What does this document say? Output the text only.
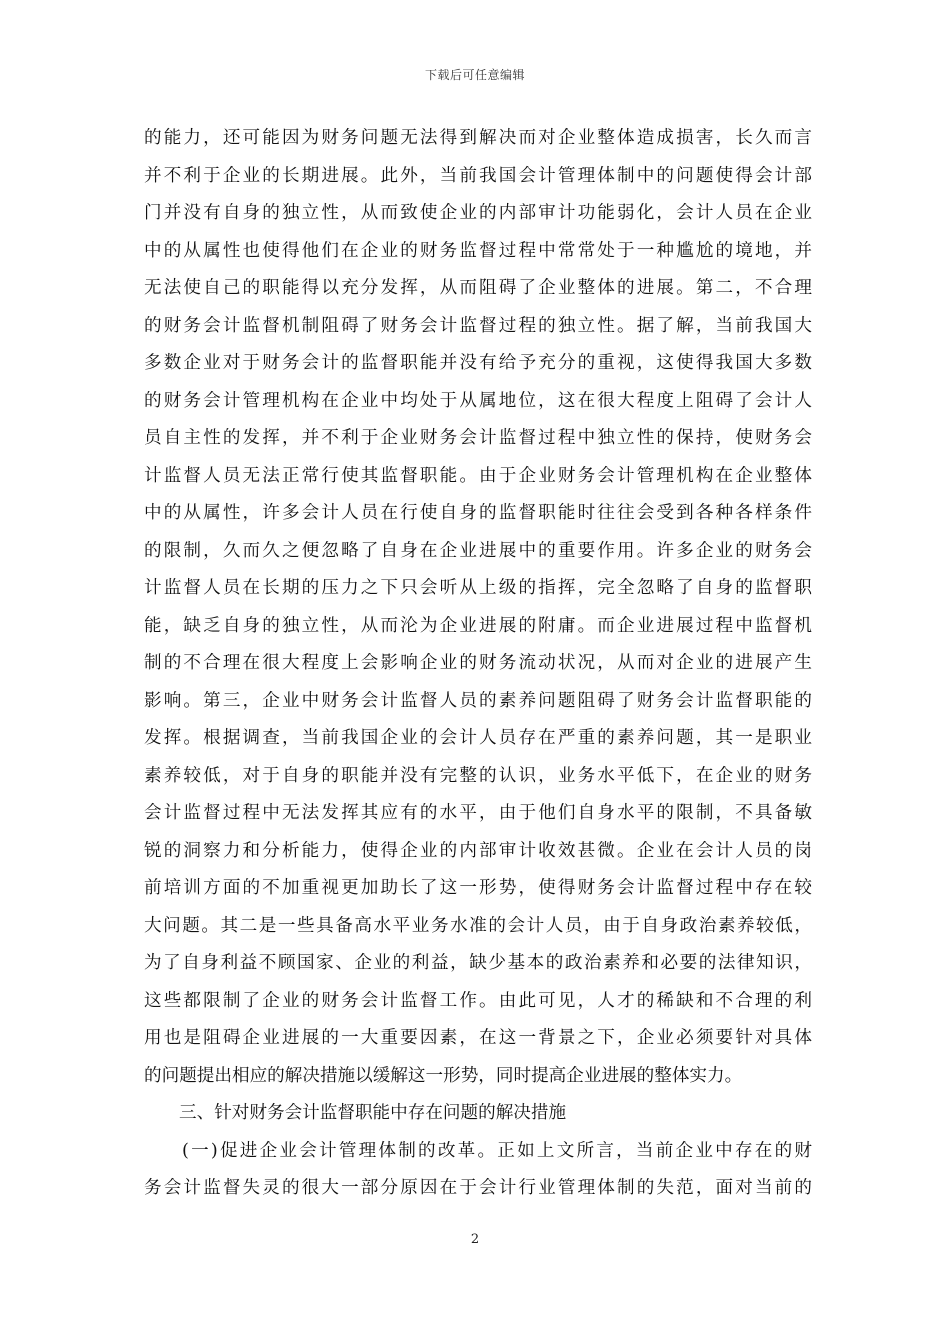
下载后可任意编辑
的能力，还可能因为财务问题无法得到解决而对企业整体造成损害，长久而言
并不利于企业的长期进展。此外，当前我国会计管理体制中的问题使得会计部
门并没有自身的独立性，从而致使企业的内部审计功能弱化，会计人员在企业
中的从属性也使得他们在企业的财务监督过程中常常处于一种尴尬的境地，并
无法使自己的职能得以充分发挥，从而阻碍了企业整体的进展。第二，不合理
的财务会计监督机制阻碍了财务会计监督过程的独立性。据了解，当前我国大
多数企业对于财务会计的监督职能并没有给予充分的重视，这使得我国大多数
的财务会计管理机构在企业中均处于从属地位，这在很大程度上阻碍了会计人
员自主性的发挥，并不利于企业财务会计监督过程中独立性的保持，使财务会
计监督人员无法正常行使其监督职能。由于企业财务会计管理机构在企业整体
中的从属性，许多会计人员在行使自身的监督职能时往往会受到各种各样条件
的限制，久而久之便忽略了自身在企业进展中的重要作用。许多企业的财务会
计监督人员在长期的压力之下只会听从上级的指挥，完全忽略了自身的监督职
能，缺乏自身的独立性，从而沦为企业进展的附庸。而企业进展过程中监督机
制的不合理在很大程度上会影响企业的财务流动状况，从而对企业的进展产生
影响。第三，企业中财务会计监督人员的素养问题阻碍了财务会计监督职能的
发挥。根据调查，当前我国企业的会计人员存在严重的素养问题，其一是职业
素养较低，对于自身的职能并没有完整的认识，业务水平低下，在企业的财务
会计监督过程中无法发挥其应有的水平，由于他们自身水平的限制，不具备敏
锐的洞察力和分析能力，使得企业的内部审计收效甚微。企业在会计人员的岗
前培训方面的不加重视更加助长了这一形势，使得财务会计监督过程中存在较
大问题。其二是一些具备高水平业务水准的会计人员，由于自身政治素养较低，
为了自身利益不顾国家、企业的利益，缺少基本的政治素养和必要的法律知识，
这些都限制了企业的财务会计监督工作。由此可见，人才的稀缺和不合理的利
用也是阻碍企业进展的一大重要因素，在这一背景之下，企业必须要针对具体
的问题提出相应的解决措施以缓解这一形势，同时提高企业进展的整体实力。
三、针对财务会计监督职能中存在问题的解决措施
(一)促进企业会计管理体制的改革。正如上文所言，当前企业中存在的财
务会计监督失灵的很大一部分原因在于会计行业管理体制的失范，面对当前的
2
